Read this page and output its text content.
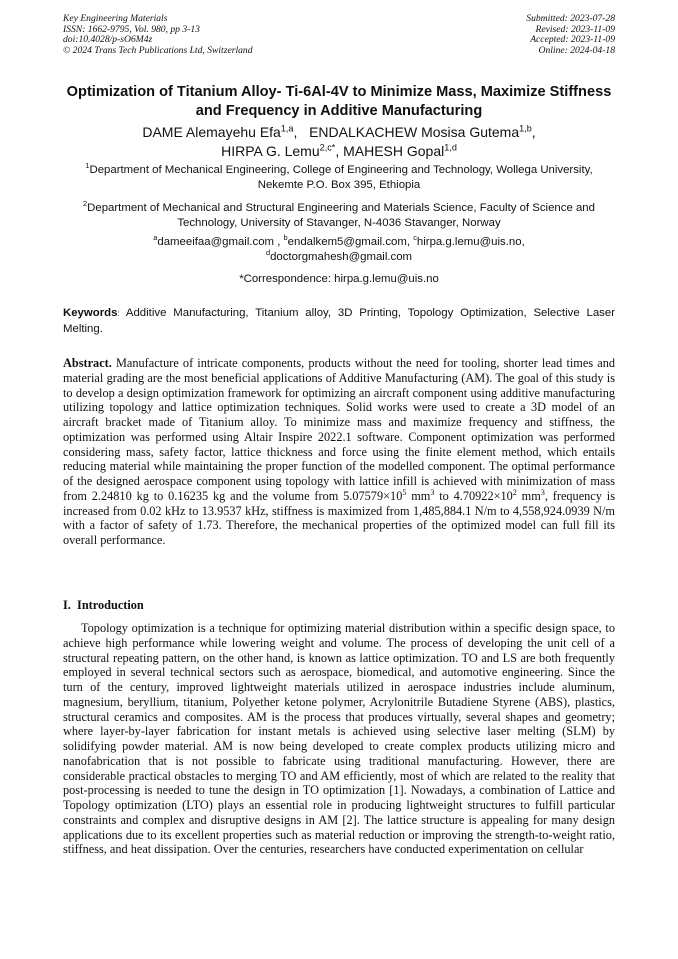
Key Engineering Materials
ISSN: 1662-9795, Vol. 980, pp 3-13
doi:10.4028/p-sO6M4z
© 2024 Trans Tech Publications Ltd, Switzerland
Submitted: 2023-07-28
Revised: 2023-11-09
Accepted: 2023-11-09
Online: 2024-04-18
Optimization of Titanium Alloy- Ti-6Al-4V to Minimize Mass, Maximize Stiffness and Frequency in Additive Manufacturing
DAME Alemayehu Efa$^{1,a}$,   ENDALKACHEW Mosisa Gutema$^{1,b}$,
HIRPA G. Lemu$^{2,c*}$, MAHESH Gopal$^{1,d}$
$^1$Department of Mechanical Engineering, College of Engineering and Technology, Wollega University, Nekemte P.O. Box 395, Ethiopia
$^2$Department of Mechanical and Structural Engineering and Materials Science, Faculty of Science and Technology, University of Stavanger, N-4036 Stavanger, Norway
$^a$dameeifaa@gmail.com , $^b$endalkem5@gmail.com, $^c$hirpa.g.lemu@uis.no,
$^d$doctorgmahesh@gmail.com
*Correspondence: hirpa.g.lemu@uis.no
Keywords: Additive Manufacturing, Titanium alloy, 3D Printing, Topology Optimization, Selective Laser Melting.
Abstract. Manufacture of intricate components, products without the need for tooling, shorter lead times and material grading are the most beneficial applications of Additive Manufacturing (AM). The goal of this study is to develop a design optimization framework for optimizing an aircraft component using additive manufacturing utilizing topology and lattice optimization techniques. Solid works were used to create a 3D model of an aircraft bracket made of Titanium alloy. To minimize mass and maximize frequency and stiffness, the optimization was performed using Altair Inspire 2022.1 software. Component optimization was performed considering mass, safety factor, lattice thickness and force using the finite element method, which entails reducing material while maintaining the proper function of the modelled component. The optimal performance of the designed aerospace component using topology with lattice infill is achieved with minimization of mass from 2.24810 kg to 0.16235 kg and the volume from $5.07579\times 10^5$ $mm^3$ to $4.70922\times 10^2$ $mm^3$, frequency is increased from 0.02 kHz to 13.9537 kHz, stiffness is maximized from 1,485,884.1 N/m to 4,558,924.0939 N/m with a factor of safety of 1.73. Therefore, the mechanical properties of the optimized model can full fill its overall performance.
I. Introduction
Topology optimization is a technique for optimizing material distribution within a specific design space, to achieve high performance while lowering weight and volume. The process of developing the unit cell of a structural repeating pattern, on the other hand, is known as lattice optimization. TO and LS are both frequently employed in several technical sectors such as aerospace, biomedical, and automotive engineering. Since the turn of the century, improved lightweight materials utilized in aerospace industries include aluminum, magnesium, beryllium, titanium, Polyether ketone polymer, Acrylonitrile Butadiene Styrene (ABS), plastics, structural ceramics and composites. AM is the process that produces virtually, several shapes and geometry; where layer-by-layer fabrication for instant metals is achieved using selective laser melting (SLM) by solidifying powder material. AM is now being developed to create complex products utilizing micro and nanofabrication that is not possible to fabricate using traditional manufacturing. However, there are considerable practical obstacles to merging TO and AM efficiently, most of which are related to the reality that post-processing is needed to tune the design in TO optimization [1]. Nowadays, a combination of Lattice and Topology optimization (LTO) plays an essential role in producing lightweight structures to fulfill particular constraints and complex and disruptive designs in AM [2]. The lattice structure is appealing for many design applications due to its excellent properties such as material reduction or improving the strength-to-weight ratio, stiffness, and heat dissipation. Over the centuries, researchers have conducted experimentation on cellular
